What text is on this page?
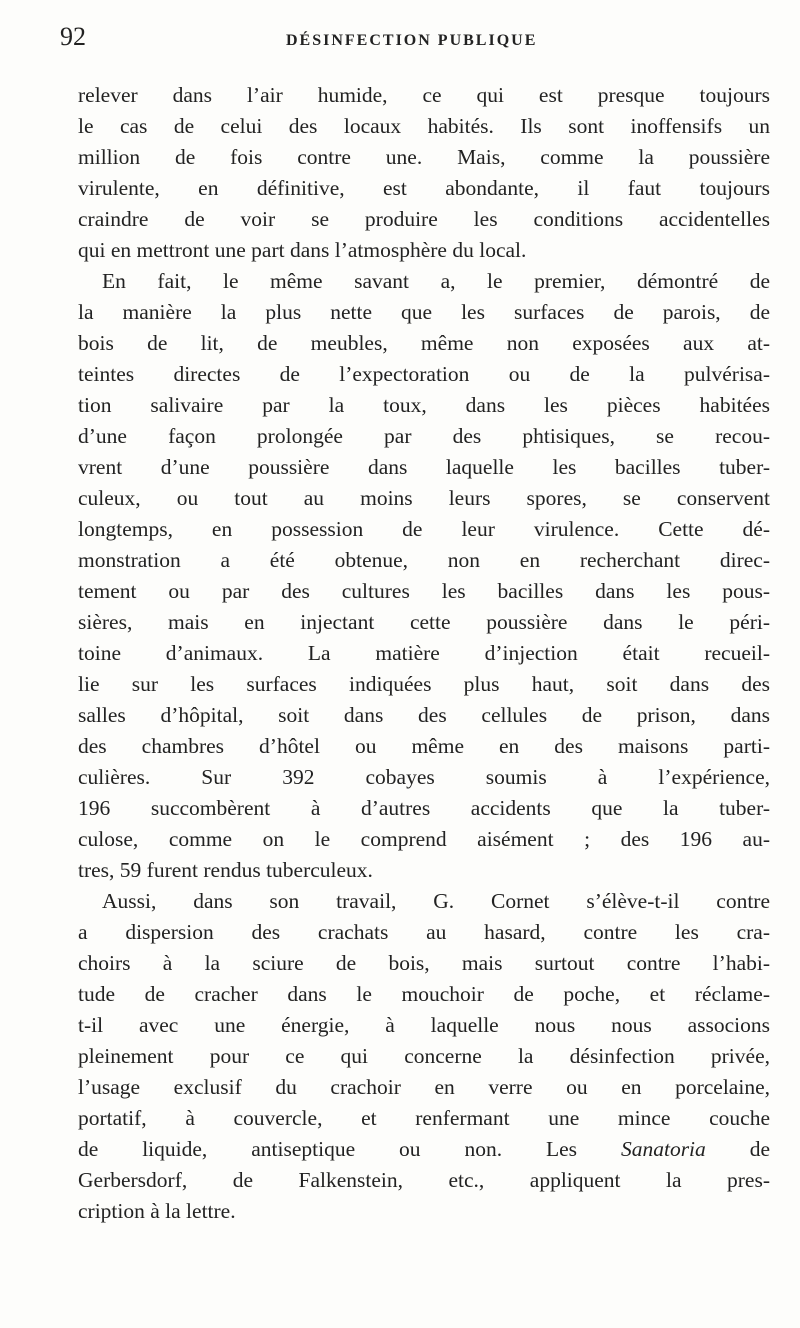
92	DÉSINFECTION PUBLIQUE
relever dans l’air humide, ce qui est presque toujours
le cas de celui des locaux habités. Ils sont inoffensifs un
million de fois contre une. Mais, comme la poussière
virulente, en définitive, est abondante, il faut toujours
craindre de voir se produire les conditions accidentelles
qui en mettront une part dans l’atmosphère du local.
En fait, le même savant a, le premier, démontré de
la manière la plus nette que les surfaces de parois, de
bois de lit, de meubles, même non exposées aux at-
teintes directes de l’expectoration ou de la pulvérisa-
tion salivaire par la toux, dans les pièces habitées
d’une façon prolongée par des phtisiques, se recou-
vrent d’une poussière dans laquelle les bacilles tuber-
culeux, ou tout au moins leurs spores, se conservent
longtemps, en possession de leur virulence. Cette dé-
monstration a été obtenue, non en recherchant direc-
tement ou par des cultures les bacilles dans les pous-
sières, mais en injectant cette poussière dans le péri-
toine d’animaux. La matière d’injection était recueil-
lie sur les surfaces indiquées plus haut, soit dans des
salles d’hôpital, soit dans des cellules de prison, dans
des chambres d’hôtel ou même en des maisons parti-
culières. Sur 392 cobayes soumis à l’expérience,
196 succombèrent à d’autres accidents que la tuber-
culose, comme on le comprend aisément ; des 196 au-
tres, 59 furent rendus tuberculeux.
Aussi, dans son travail, G. Cornet s’élève-t-il contre
a dispersion des crachats au hasard, contre les cra-
choirs à la sciure de bois, mais surtout contre l’habi-
tude de cracher dans le mouchoir de poche, et réclame-
t-il avec une énergie, à laquelle nous nous associons
pleinement pour ce qui concerne la désinfection privée,
l’usage exclusif du crachoir en verre ou en porcelaine,
portatif, à couvercle, et renfermant une mince couche
de liquide, antiseptique ou non. Les Sanatoria de
Gerbersdorf, de Falkenstein, etc., appliquent la pres-
cription à la lettre.
